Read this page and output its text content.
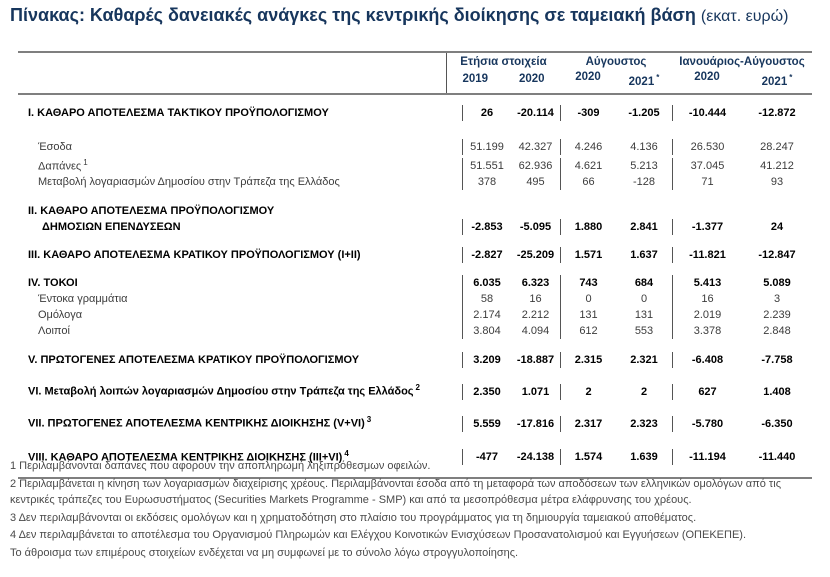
Πίνακας: Καθαρές δανειακές ανάγκες της κεντρικής διοίκησης σε ταμειακή βάση (εκατ. ευρώ)
Ετήσια στοιχεία
2019	2020
Αύγουστος
2020	2021 *
Ιανουάριος-Αύγουστος
2020	2021 *
I. ΚΑΘΑΡΟ ΑΠΟΤΕΛΕΣΜΑ ΤΑΚΤΙΚΟΥ ΠΡΟΫΠΟΛΟΓΙΣΜΟΥ	26	-20.114	-309	-1.205	-10.444	-12.872
Έσοδα	51.199	42.327	4.246	4.136	26.530	28.247
Δαπάνες $^1$	51.551	62.936	4.621	5.213	37.045	41.212
Μεταβολή λογαριασμών Δημοσίου στην Τράπεζα της Ελλάδος	378	495	66	-128	71	93
II. ΚΑΘΑΡΟ ΑΠΟΤΕΛΕΣΜΑ ΠΡΟΫΠΟΛΟΓΙΣΜΟΥ
ΔΗΜΟΣΙΩΝ ΕΠΕΝΔΥΣΕΩΝ	-2.853	-5.095	1.880	2.841	-1.377	24
III. ΚΑΘΑΡΟ ΑΠΟΤΕΛΕΣΜΑ ΚΡΑΤΙΚΟΥ ΠΡΟΫΠΟΛΟΓΙΣΜΟΥ (I+II)	-2.827	-25.209	1.571	1.637	-11.821	-12.847
IV. ΤΟΚΟΙ	6.035	6.323	743	684	5.413	5.089
Έντοκα γραμμάτια	58	16	0	0	16	3
Ομόλογα	2.174	2.212	131	131	2.019	2.239
Λοιποί	3.804	4.094	612	553	3.378	2.848
V. ΠΡΩΤΟΓΕΝΕΣ ΑΠΟΤΕΛΕΣΜΑ ΚΡΑΤΙΚΟΥ ΠΡΟΫΠΟΛΟΓΙΣΜΟΥ	3.209	-18.887	2.315	2.321	-6.408	-7.758
VI. Μεταβολή λοιπών λογαριασμών Δημοσίου στην Τράπεζα της Ελλάδος $^2$	2.350	1.071	2	2	627	1.408
VII. ΠΡΩΤΟΓΕΝΕΣ ΑΠΟΤΕΛΕΣΜΑ ΚΕΝΤΡΙΚΗΣ ΔΙΟΙΚΗΣΗΣ (V+VI) $^3$	5.559	-17.816	2.317	2.323	-5.780	-6.350
VIII. ΚΑΘΑΡΟ ΑΠΟΤΕΛΕΣΜΑ ΚΕΝΤΡΙΚΗΣ ΔΙΟΙΚΗΣΗΣ (III+VI) $^4$	-477	-24.138	1.574	1.639	-11.194	-11.440

1 Περιλαμβάνονται δαπάνες που αφορούν την αποπληρωμή ληξιπρόθεσμων οφειλών.

2 Περιλαμβάνεται η κίνηση των λογαριασμών διαχείρισης χρέους. Περιλαμβάνονται έσοδα από τη μεταφορά των αποδόσεων των ελληνικών ομολόγων από τις κεντρικές τράπεζες του Ευρωσυστήματος (Securities Markets Programme - SMP) και από τα μεσοπρόθεσμα μέτρα ελάφρυνσης του χρέους.

3 Δεν περιλαμβάνονται οι εκδόσεις ομολόγων και η χρηματοδότηση στο πλαίσιο του προγράμματος για τη δημιουργία ταμειακού αποθέματος.

4 Δεν περιλαμβάνεται το αποτέλεσμα του Οργανισμού Πληρωμών και Ελέγχου Κοινοτικών Ενισχύσεων Προσανατολισμού και Εγγυήσεων (ΟΠΕΚΕΠΕ).

Το άθροισμα των επιμέρους στοιχείων ενδέχεται να μη συμφωνεί με το σύνολο λόγω στρογγυλοποίησης.
